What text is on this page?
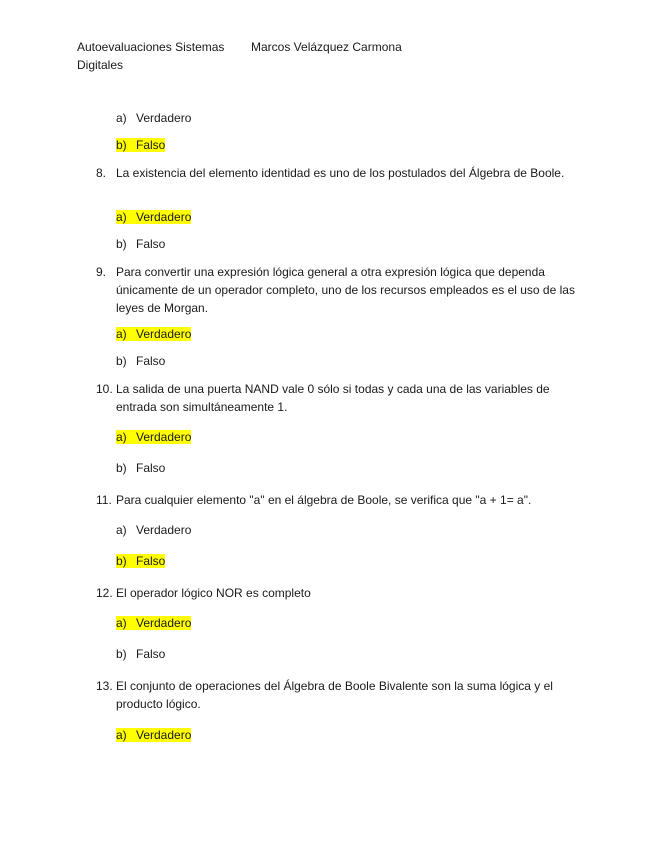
Autoevaluaciones Sistemas	Marcos Velázquez Carmona
Digitales
a) Verdadero
b) Falso
8. La existencia del elemento identidad es uno de los postulados del Álgebra de Boole.
a) Verdadero
b) Falso
9. Para convertir una expresión lógica general a otra expresión lógica que dependa únicamente de un operador completo, uno de los recursos empleados es el uso de las leyes de Morgan.
a) Verdadero
b) Falso
10. La salida de una puerta NAND vale 0 sólo si todas y cada una de las variables de entrada son simultáneamente 1.
a) Verdadero
b) Falso
11. Para cualquier elemento "a" en el álgebra de Boole, se verifica que "a + 1= a".
a) Verdadero
b) Falso
12. El operador lógico NOR es completo
a) Verdadero
b) Falso
13. El conjunto de operaciones del Álgebra de Boole Bivalente son la suma lógica y el producto lógico.
a) Verdadero
